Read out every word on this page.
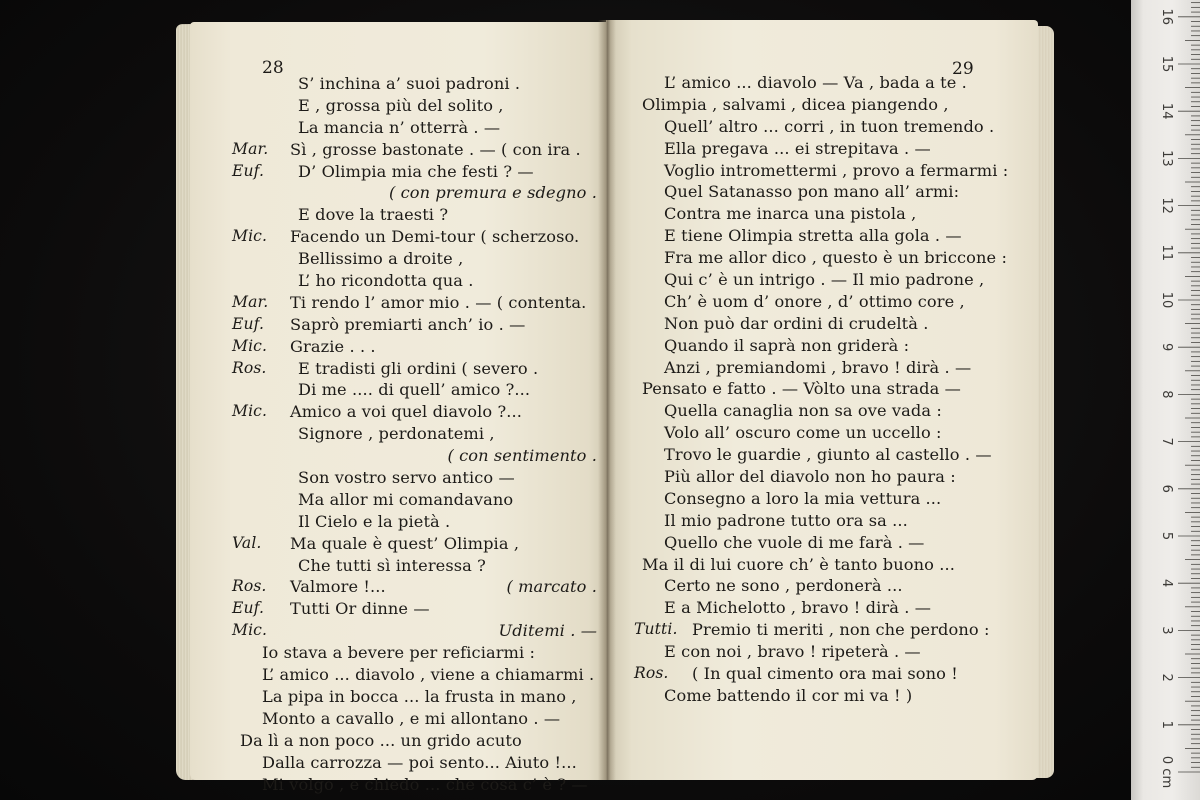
28	29
S’ inchina a’ suoi padroni .
E , grossa più del solito ,
La mancia n’ otterrà . —
Mar. Sì , grosse bastonate . — ( con ira .
Euf. D’ Olimpia mia che festi ? —
( con premura e sdegno .
E dove la traesti ?
Mic. Facendo un Demi-tour ( scherzoso.
Bellissimo a droite ,
L’ ho ricondotta qua .
Mar. Ti rendo l’ amor mio . — ( contenta.
Euf. Saprò premiarti anch’ io . —
Mic. Grazie . . .
Ros. E tradisti gli ordini ( severo .
Di me .... di quell’ amico ?...
Mic. Amico a voi quel diavolo ?...
Signore , perdonatemi ,
( con sentimento .
Son vostro servo antico —
Ma allor mi comandavano
Il Cielo e la pietà .
Val. Ma quale è quest’ Olimpia ,
Che tutti sì interessa ?
Ros. Valmore !...	( marcato .
Euf. Tutti Or dinne —
Mic.	Uditemi . —
Io stava a bevere per reficiarmi :
L’ amico ... diavolo , viene a chiamarmi .
La pipa in bocca ... la frusta in mano ,
Monto a cavallo , e mi allontano . —
Da lì a non poco ... un grido acuto
Dalla carrozza — poi sento... Aiuto !...
Mi volgo , e chiedo ... che cosa c’ è ? —
L’ amico ... diavolo — Va , bada a te .
Olimpia , salvami , dicea piangendo ,
Quell’ altro ... corri , in tuon tremendo .
Ella pregava ... ei strepitava . —
Voglio intromettermi , provo a fermarmi :
Quel Satanasso pon mano all’ armi:
Contra me inarca una pistola ,
E tiene Olimpia stretta alla gola . —
Fra me allor dico , questo è un briccone :
Qui c’ è un intrigo . — Il mio padrone ,
Ch’ è uom d’ onore , d’ ottimo core ,
Non può dar ordini di crudeltà .
Quando il saprà non griderà :
Anzi , premiandomi , bravo ! dirà . —
Pensato e fatto . — Vòlto una strada —
Quella canaglia non sa ove vada :
Volo all’ oscuro come un uccello :
Trovo le guardie , giunto al castello . —
Più allor del diavolo non ho paura :
Consegno a loro la mia vettura ...
Il mio padrone tutto ora sa ...
Quello che vuole di me farà . —
Ma il di lui cuore ch’ è tanto buono ...
Certo ne sono , perdonerà ...
E a Michelotto , bravo ! dirà . —
Tutti. Premio ti meriti , non che perdono :
E con noi , bravo ! ripeterà . —
Ros. ( In qual cimento ora mai sono !
Come battendo il cor mi va ! )
0 cm
1
2
3
4
5
6
7
8
9
10
11
12
13
14
15
16
